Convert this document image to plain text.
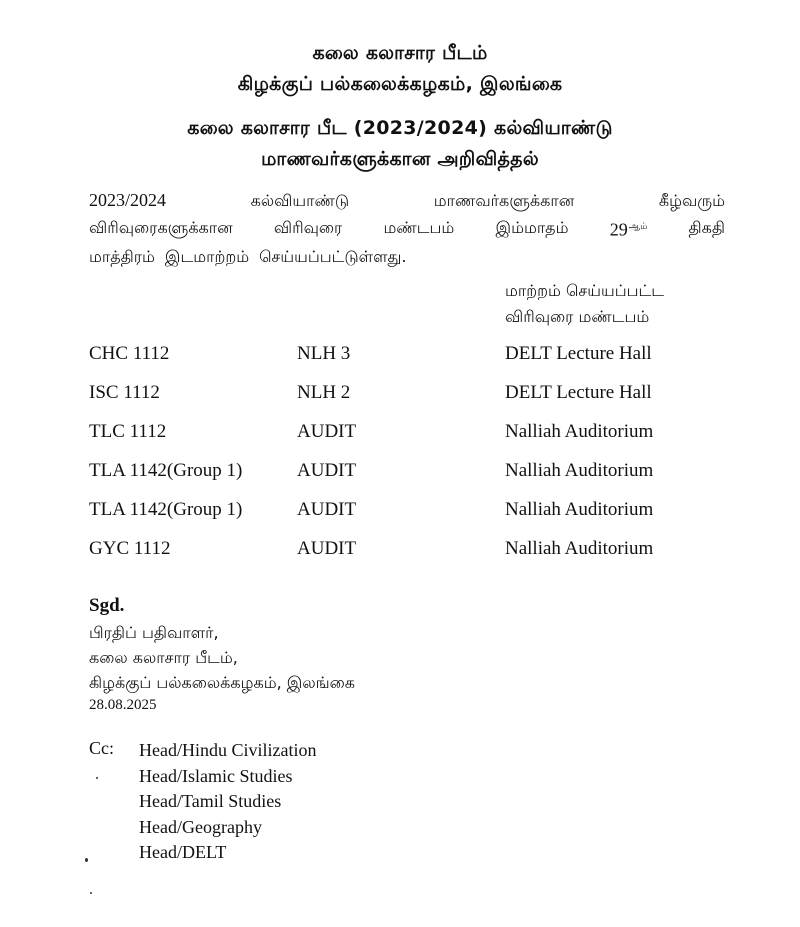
கலை கலாசார பீடம்
கிழக்குப் பல்கலைக்கழகம், இலங்கை
கலை கலாசார பீட (2023/2024) கல்வியாண்டு
மாணவர்களுக்கான அறிவித்தல்
2023/2024	கல்வியாண்டு	மாணவர்களுக்கான	கீழ்வரும்
விரிவுரைகளுக்கான	விரிவுரை	மண்டபம்	இம்மாதம் $29^{ஆம்}$	திகதி
மாத்திரம் இடமாற்றம் செய்யப்பட்டுள்ளது.
மாற்றம் செய்யப்பட்ட
விரிவுரை மண்டபம்
CHC 1112	NLH 3	DELT Lecture Hall
ISC 1112	NLH 2	DELT Lecture Hall
TLC 1112	AUDIT	Nalliah Auditorium
TLA 1142(Group 1)	AUDIT	Nalliah Auditorium
TLA 1142(Group 1)	AUDIT	Nalliah Auditorium
GYC 1112	AUDIT	Nalliah Auditorium
Sgd.
பிரதிப் பதிவாளர்,
கலை கலாசார பீடம்,
கிழக்குப் பல்கலைக்கழகம், இலங்கை
28.08.2025
Cc: Head/Hindu Civilization
Head/Islamic Studies
Head/Tamil Studies
Head/Geography
Head/DELT
